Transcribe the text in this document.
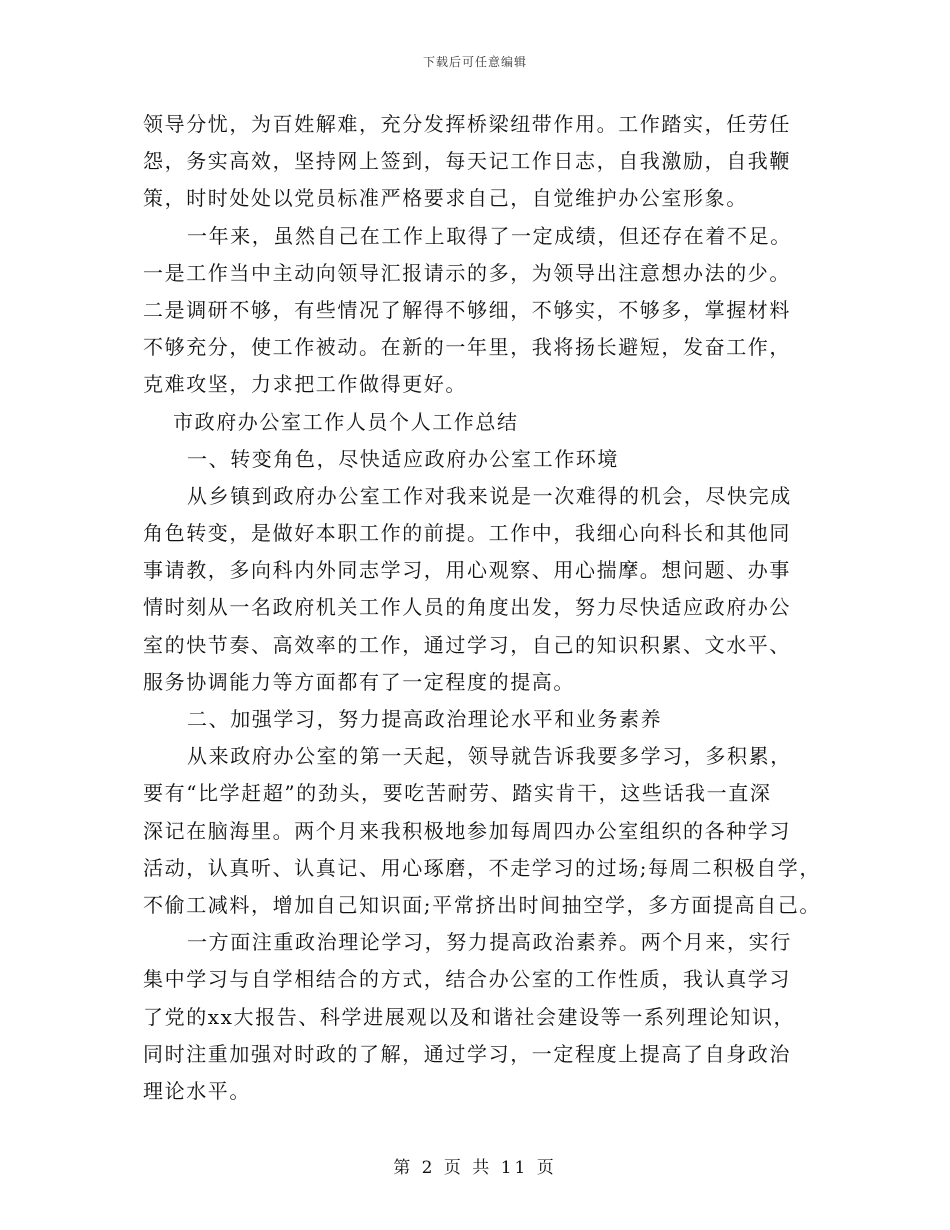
下载后可任意编辑
领导分忧，为百姓解难，充分发挥桥梁纽带作用。工作踏实，任劳任
怨，务实高效，坚持网上签到，每天记工作日志，自我激励，自我鞭
策，时时处处以党员标准严格要求自己，自觉维护办公室形象。
一年来，虽然自己在工作上取得了一定成绩，但还存在着不足。
一是工作当中主动向领导汇报请示的多，为领导出注意想办法的少。
二是调研不够，有些情况了解得不够细，不够实，不够多，掌握材料
不够充分，使工作被动。在新的一年里，我将扬长避短，发奋工作，
克难攻坚，力求把工作做得更好。
市政府办公室工作人员个人工作总结
一、转变角色，尽快适应政府办公室工作环境
从乡镇到政府办公室工作对我来说是一次难得的机会，尽快完成
角色转变，是做好本职工作的前提。工作中，我细心向科长和其他同
事请教，多向科内外同志学习，用心观察、用心揣摩。想问题、办事
情时刻从一名政府机关工作人员的角度出发，努力尽快适应政府办公
室的快节奏、高效率的工作，通过学习，自己的知识积累、文水平、
服务协调能力等方面都有了一定程度的提高。
二、加强学习，努力提高政治理论水平和业务素养
从来政府办公室的第一天起，领导就告诉我要多学习，多积累，
要有“比学赶超”的劲头，要吃苦耐劳、踏实肯干，这些话我一直深
深记在脑海里。两个月来我积极地参加每周四办公室组织的各种学习
活动，认真听、认真记、用心琢磨，不走学习的过场;每周二积极自学，
不偷工减料，增加自己知识面;平常挤出时间抽空学，多方面提高自己。
一方面注重政治理论学习，努力提高政治素养。两个月来，实行
集中学习与自学相结合的方式，结合办公室的工作性质，我认真学习
了党的xx大报告、科学进展观以及和谐社会建设等一系列理论知识，
同时注重加强对时政的了解，通过学习，一定程度上提高了自身政治
理论水平。
第 2 页 共 11 页
